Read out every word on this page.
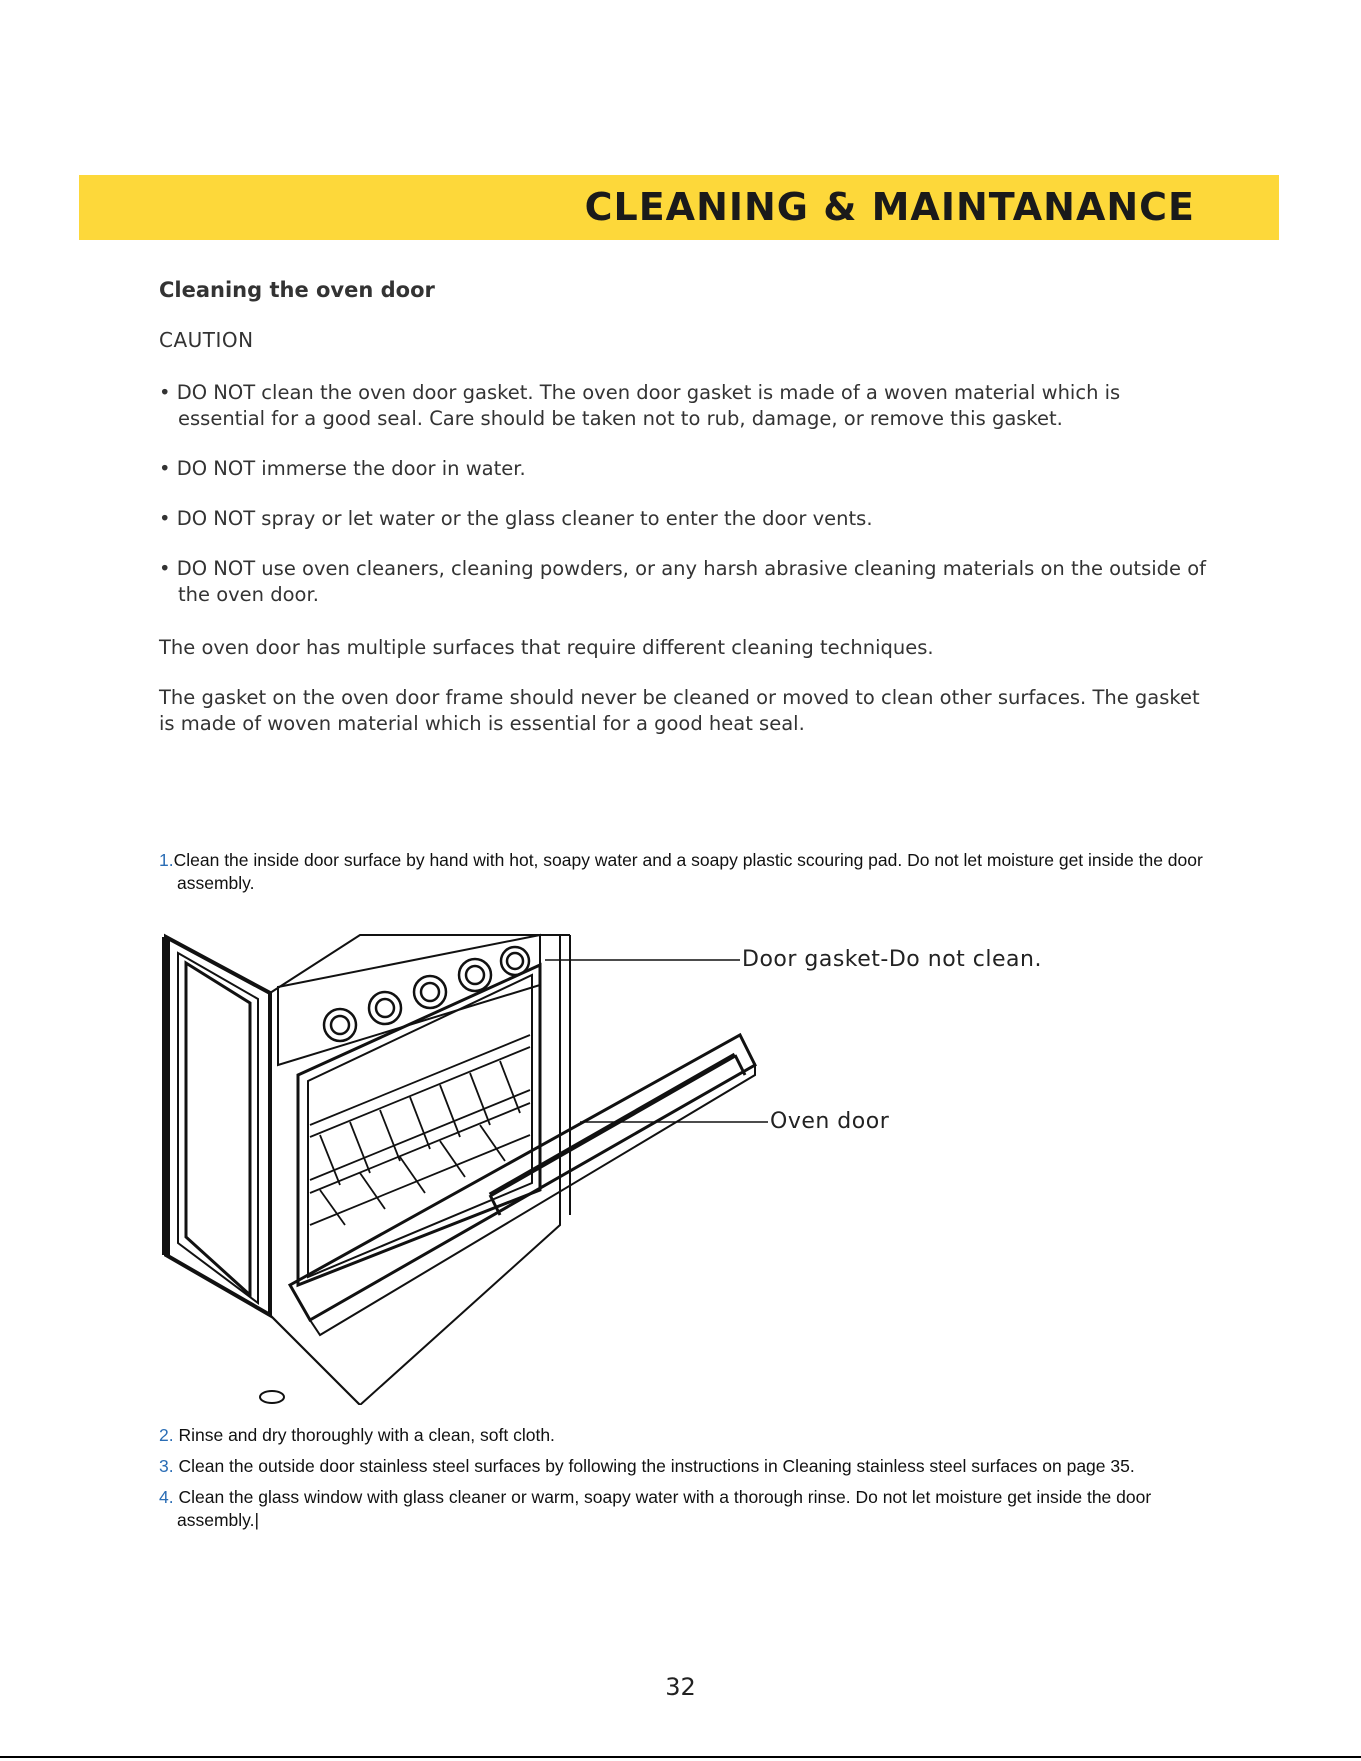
CLEANING & MAINTANANCE
Cleaning the oven door
CAUTION
• DO NOT clean the oven door gasket. The oven door gasket is made of a woven material which is essential for a good seal. Care should be taken not to rub, damage, or remove this gasket.
• DO NOT immerse the door in water.
• DO NOT spray or let water or the glass cleaner to enter the door vents.
• DO NOT use oven cleaners, cleaning powders, or any harsh abrasive cleaning materials on the outside of the oven door.

The oven door has multiple surfaces that require different cleaning techniques.

The gasket on the oven door frame should never be cleaned or moved to clean other surfaces. The gasket is made of woven material which is essential for a good heat seal.

1.Clean the inside door surface by hand with hot, soapy water and a soapy plastic scouring pad. Do not let moisture get inside the door assembly.
Door gasket-Do not clean.
Oven door
2. Rinse and dry thoroughly with a clean, soft cloth.
3. Clean the outside door stainless steel surfaces by following the instructions in Cleaning stainless steel surfaces on page 35.
4. Clean the glass window with glass cleaner or warm, soapy water with a thorough rinse. Do not let moisture get inside the door assembly.|
32
